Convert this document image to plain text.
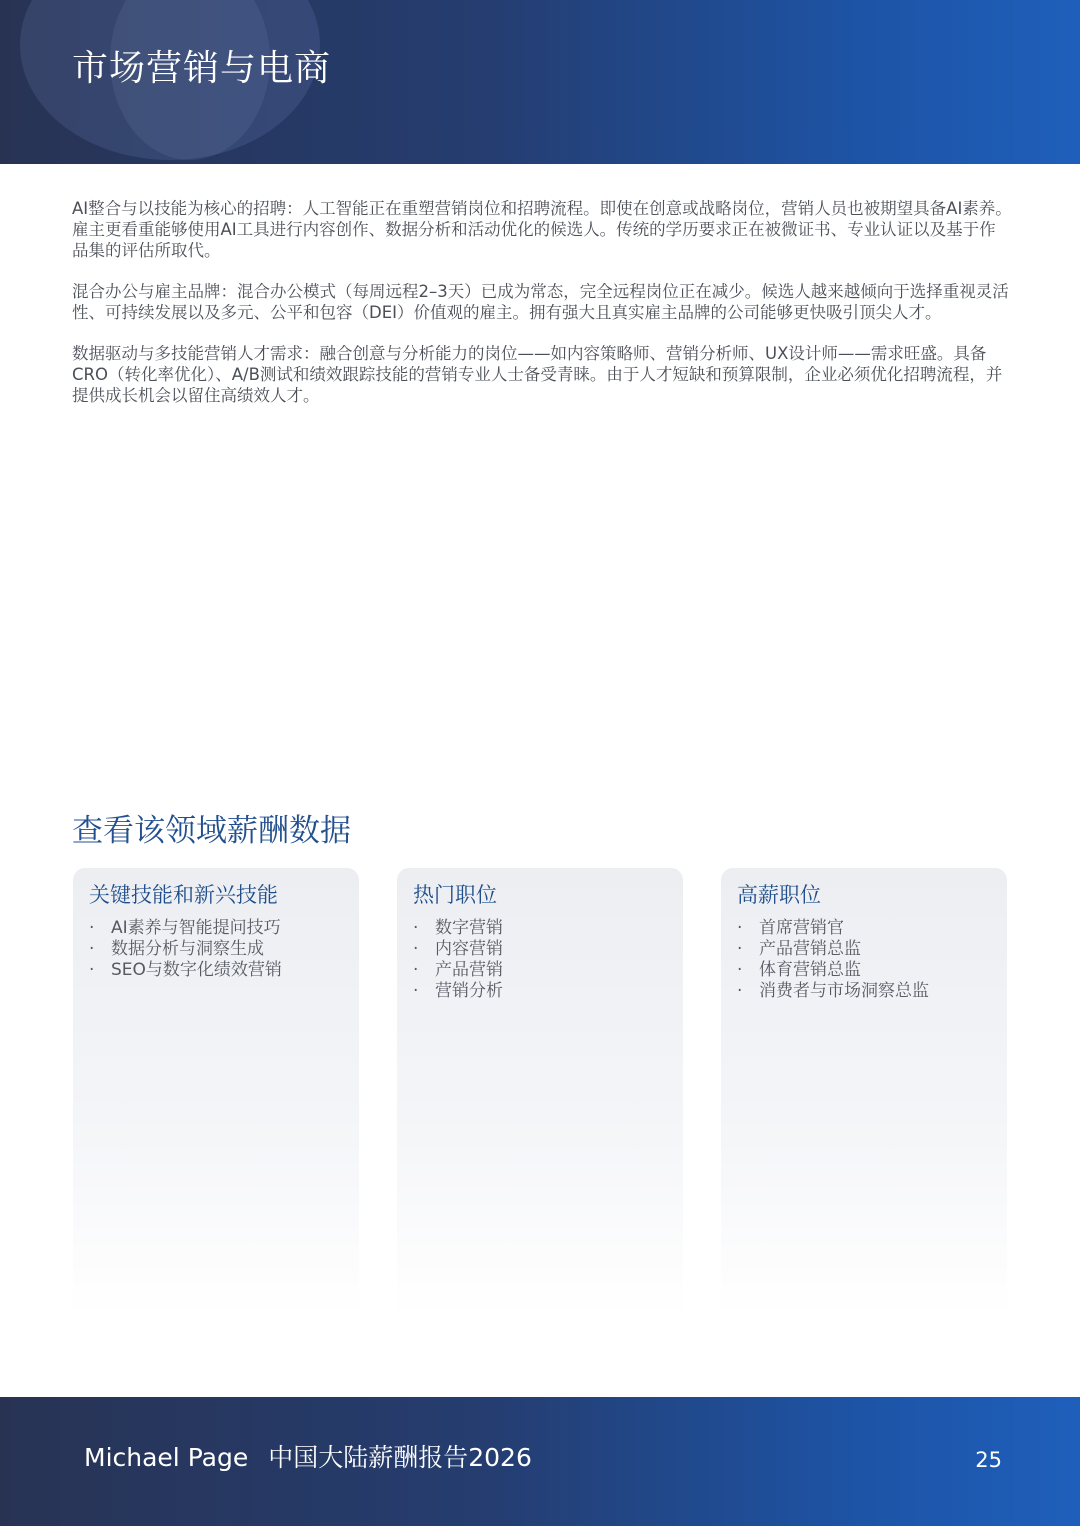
市场营销与电商

AI整合与以技能为核心的招聘：人工智能正在重塑营销岗位和招聘流程。即使在创意或战略岗位，营销人员也被期望具备AI素养。雇主更看重能够使用AI工具进行内容创作、数据分析和活动优化的候选人。传统的学历要求正在被微证书、专业认证以及基于作品集的评估所取代。

混合办公与雇主品牌：混合办公模式（每周远程2–3天）已成为常态，完全远程岗位正在减少。候选人越来越倾向于选择重视灵活性、可持续发展以及多元、公平和包容（DEI）价值观的雇主。拥有强大且真实雇主品牌的公司能够更快吸引顶尖人才。

数据驱动与多技能营销人才需求：融合创意与分析能力的岗位——如内容策略师、营销分析师、UX设计师——需求旺盛。具备CRO（转化率优化）、A/B测试和绩效跟踪技能的营销专业人士备受青睐。由于人才短缺和预算限制，企业必须优化招聘流程，并提供成长机会以留住高绩效人才。

查看该领域薪酬数据
关键技能和新兴技能
· AI素养与智能提问技巧
· 数据分析与洞察生成
· SEO与数字化绩效营销
热门职位
· 数字营销
· 内容营销
· 产品营销
· 营销分析
高薪职位
· 首席营销官
· 产品营销总监
· 体育营销总监
· 消费者与市场洞察总监
Michael Page 中国大陆薪酬报告2026	25
